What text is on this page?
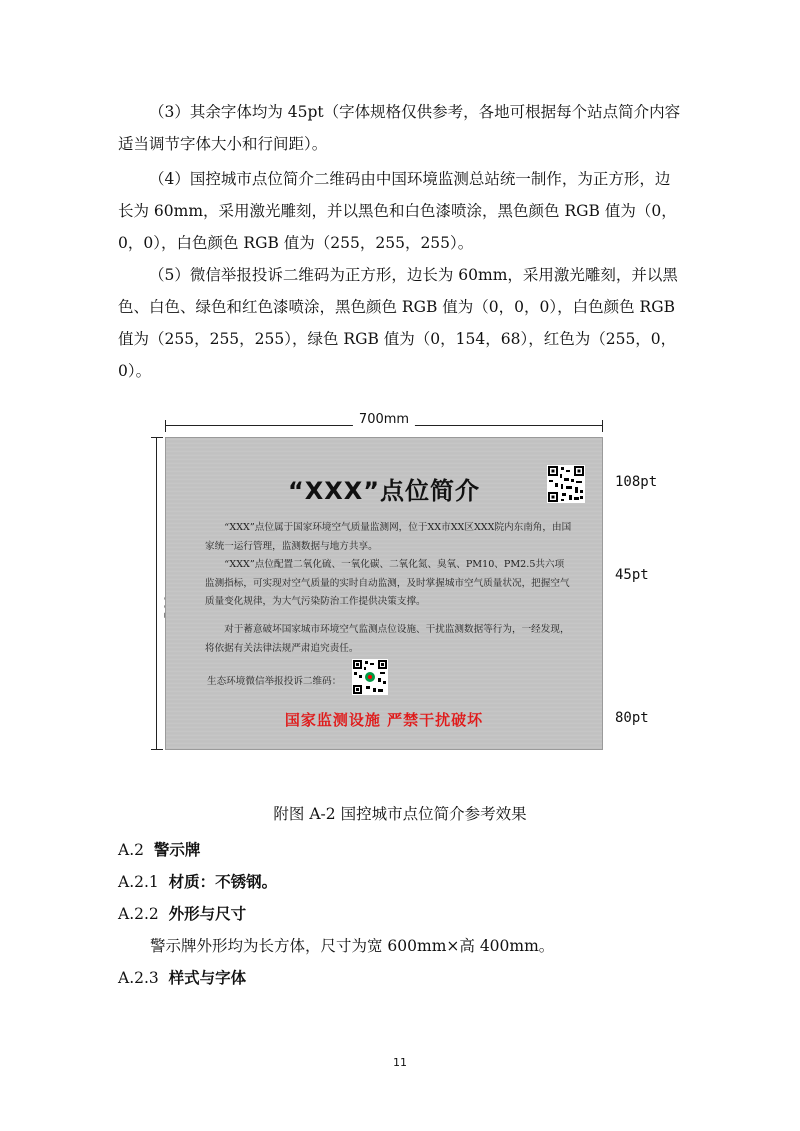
（3）其余字体均为 45pt（字体规格仅供参考，各地可根据每个站点简介内容适当调节字体大小和行间距）。

（4）国控城市点位简介二维码由中国环境监测总站统一制作，为正方形，边长为 60mm，采用激光雕刻，并以黑色和白色漆喷涂，黑色颜色 RGB 值为（0，0，0），白色颜色 RGB 值为（255，255，255）。

（5）微信举报投诉二维码为正方形，边长为 60mm，采用激光雕刻，并以黑色、白色、绿色和红色漆喷涂，黑色颜色 RGB 值为（0，0，0），白色颜色 RGB 值为（255，255，255），绿色 RGB 值为（0，154，68），红色为（255，0，0）。

700mm
“XXX”点位简介

“XXX”点位属于国家环境空气质量监测网，位于XX市XX区XXX院内东南角，由国家统一运行管理，监测数据与地方共享。

“XXX”点位配置二氧化硫、一氧化碳、二氧化氮、臭氧、PM10、PM2.5共六项监测指标，可实现对空气质量的实时自动监测，及时掌握城市空气质量状况，把握空气质量变化规律，为大气污染防治工作提供决策支撑。

对于蓄意破坏国家城市环境空气监测点位设施、干扰监测数据等行为，一经发现，将依据有关法律法规严肃追究责任。

生态环境微信举报投诉二维码：
国家监测设施 严禁干扰破坏
108pt
45pt
80pt
附图 A-2 国控城市点位简介参考效果
A.2 警示牌
A.2.1 材质：不锈钢。
A.2.2 外形与尺寸
警示牌外形均为长方体，尺寸为宽 600mm×高 400mm。
A.2.3 样式与字体
11
